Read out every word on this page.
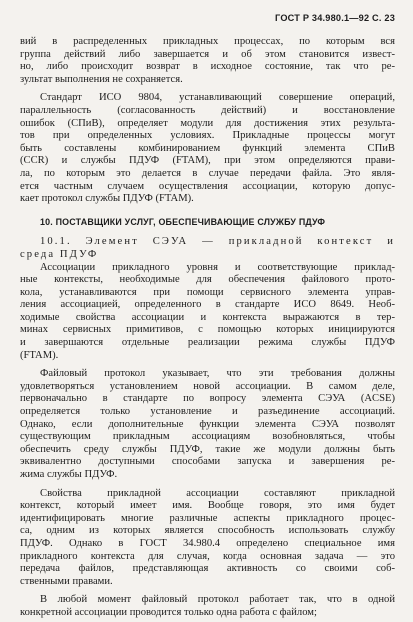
ГОСТ Р 34.980.1—92 С. 23
вий в распределенных прикладных процессах, по которым вся
группа действий либо завершается и об этом становится извест-
но, либо происходит возврат в исходное состояние, так что ре-
зультат выполнения не сохраняется.
Стандарт ИСО 9804, устанавливающий совершение операций,
параллельность (согласованность действий) и восстановление
ошибок (СПиВ), определяет модули для достижения этих результа-
тов при определенных условиях. Прикладные процессы могут
быть составлены комбинированием функций элемента СПиВ
(CCR) и службы ПДУФ (FTAM), при этом определяются прави-
ла, по которым это делается в случае передачи файла. Это явля-
ется частным случаем осуществления ассоциации, которую допус-
кает протокол службы ПДУФ (FTAM).
10. ПОСТАВЩИКИ УСЛУГ, ОБЕСПЕЧИВАЮЩИЕ СЛУЖБУ ПДУФ
10.1. Элемент СЭУА — прикладной контекст и
среда ПДУФ
Ассоциации прикладного уровня и соответствующие приклад-
ные контексты, необходимые для обеспечения файлового прото-
кола, устанавливаются при помощи сервисного элемента управ-
ления ассоциацией, определенного в стандарте ИСО 8649. Необ-
ходимые свойства ассоциации и контекста выражаются в тер-
минах сервисных примитивов, с помощью которых инициируются
и завершаются отдельные реализации режима службы ПДУФ
(FTAM).
Файловый протокол указывает, что эти требования должны
удовлетворяться установлением новой ассоциации. В самом деле,
первоначально в стандарте по вопросу элемента СЭУА (ACSE)
определяется только установление и разъединение ассоциаций.
Однако, если дополнительные функции элемента СЭУА позволят
существующим прикладным ассоциациям возобновляться, чтобы
обеспечить среду службы ПДУФ, такие же модули должны быть
эквивалентно доступными способами запуска и завершения ре-
жима службы ПДУФ.
Свойства прикладной ассоциации составляют прикладной
контекст, который имеет имя. Вообще говоря, это имя будет
идентифицировать многие различные аспекты прикладного процес-
са, одним из которых является способность использовать службу
ПДУФ. Однако в ГОСТ 34.980.4 определено специальное имя
прикладного контекста для случая, когда основная задача — это
передача файлов, представляющая активность со своими соб-
ственными правами.
В любой момент файловый протокол работает так, что в одной
конкретной ассоциации проводится только одна работа с файлом;
